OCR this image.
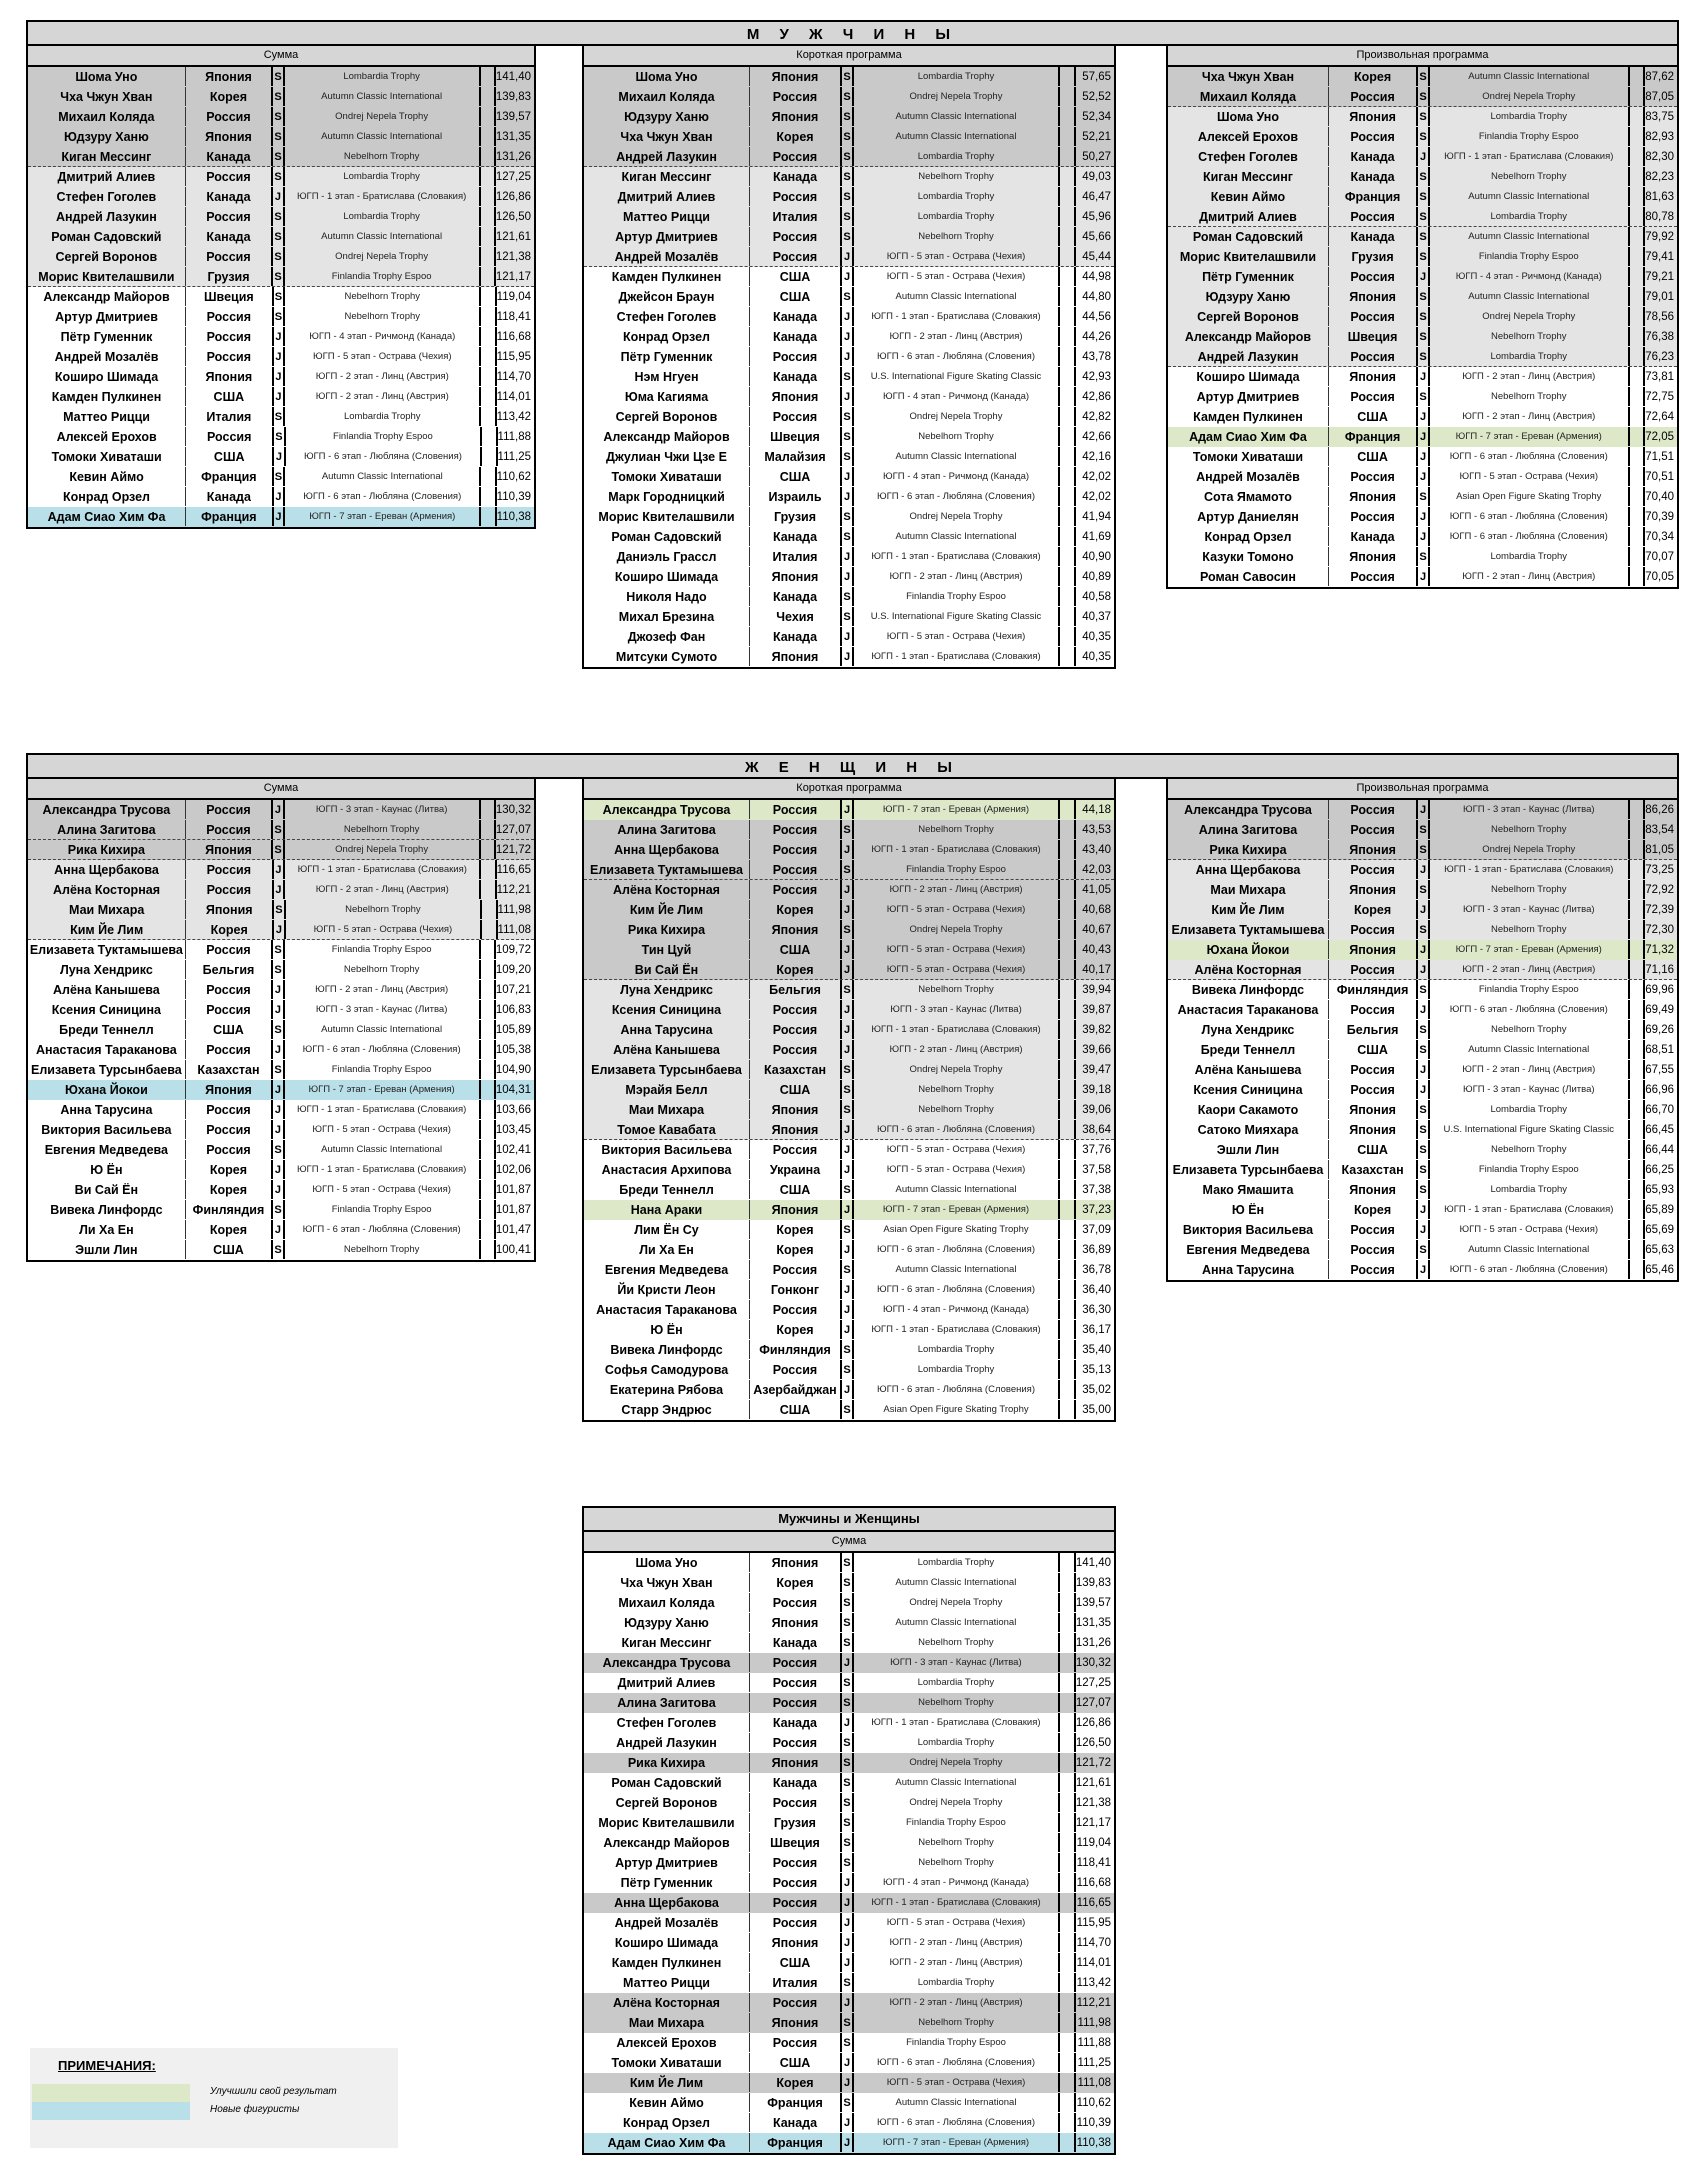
М У Ж Ч И Н Ы
Сумма
Шома Уно	Япония	S	Lombardia Trophy	141,40
Чха Чжун Хван	Корея	S	Autumn Classic International	139,83
Михаил Коляда	Россия	S	Ondrej Nepela Trophy	139,57
Юдзуру Ханю	Япония	S	Autumn Classic International	131,35
Киган Мессинг	Канада	S	Nebelhorn Trophy	131,26
Дмитрий Алиев	Россия	S	Lombardia Trophy	127,25
Стефен Гоголев	Канада	J	ЮГП - 1 этап - Братислава (Словакия)	126,86
Андрей Лазукин	Россия	S	Lombardia Trophy	126,50
Роман Садовский	Канада	S	Autumn Classic International	121,61
Сергей Воронов	Россия	S	Ondrej Nepela Trophy	121,38
Морис Квителашвили	Грузия	S	Finlandia Trophy Espoo	121,17
Александр Майоров	Швеция	S	Nebelhorn Trophy	119,04
Артур Дмитриев	Россия	S	Nebelhorn Trophy	118,41
Пётр Гуменник	Россия	J	ЮГП - 4 этап - Ричмонд (Канада)	116,68
Андрей Мозалёв	Россия	J	ЮГП - 5 этап - Острава (Чехия)	115,95
Коширо Шимада	Япония	J	ЮГП - 2 этап - Линц (Австрия)	114,70
Камден Пулкинен	США	J	ЮГП - 2 этап - Линц (Австрия)	114,01
Маттео Рицци	Италия	S	Lombardia Trophy	113,42
Алексей Ерохов	Россия	S	Finlandia Trophy Espoo	111,88
Томоки Хиваташи	США	J	ЮГП - 6 этап - Любляна (Словения)	111,25
Кевин Аймо	Франция	S	Autumn Classic International	110,62
Конрад Орзел	Канада	J	ЮГП - 6 этап - Любляна (Словения)	110,39
Адам Сиао Хим Фа	Франция	J	ЮГП - 7 этап - Ереван (Армения)	110,38
Короткая программа
Шома Уно	Япония	S	Lombardia Trophy	57,65
Михаил Коляда	Россия	S	Ondrej Nepela Trophy	52,52
Юдзуру Ханю	Япония	S	Autumn Classic International	52,34
Чха Чжун Хван	Корея	S	Autumn Classic International	52,21
Андрей Лазукин	Россия	S	Lombardia Trophy	50,27
Киган Мессинг	Канада	S	Nebelhorn Trophy	49,03
Дмитрий Алиев	Россия	S	Lombardia Trophy	46,47
Маттео Рицци	Италия	S	Lombardia Trophy	45,96
Артур Дмитриев	Россия	S	Nebelhorn Trophy	45,66
Андрей Мозалёв	Россия	J	ЮГП - 5 этап - Острава (Чехия)	45,44
Камден Пулкинен	США	J	ЮГП - 5 этап - Острава (Чехия)	44,98
Джейсон Браун	США	S	Autumn Classic International	44,80
Стефен Гоголев	Канада	J	ЮГП - 1 этап - Братислава (Словакия)	44,56
Конрад Орзел	Канада	J	ЮГП - 2 этап - Линц (Австрия)	44,26
Пётр Гуменник	Россия	J	ЮГП - 6 этап - Любляна (Словения)	43,78
Нэм Нгуен	Канада	S	U.S. International Figure Skating Classic	42,93
Юма Кагияма	Япония	J	ЮГП - 4 этап - Ричмонд (Канада)	42,86
Сергей Воронов	Россия	S	Ondrej Nepela Trophy	42,82
Александр Майоров	Швеция	S	Nebelhorn Trophy	42,66
Джулиан Чжи Цзе Е	Малайзия	S	Autumn Classic International	42,16
Томоки Хиваташи	США	J	ЮГП - 4 этап - Ричмонд (Канада)	42,02
Марк Городницкий	Израиль	J	ЮГП - 6 этап - Любляна (Словения)	42,02
Морис Квителашвили	Грузия	S	Ondrej Nepela Trophy	41,94
Роман Садовский	Канада	S	Autumn Classic International	41,69
Даниэль Грассл	Италия	J	ЮГП - 1 этап - Братислава (Словакия)	40,90
Коширо Шимада	Япония	J	ЮГП - 2 этап - Линц (Австрия)	40,89
Николя Надо	Канада	S	Finlandia Trophy Espoo	40,58
Михал Брезина	Чехия	S	U.S. International Figure Skating Classic	40,37
Джозеф Фан	Канада	J	ЮГП - 5 этап - Острава (Чехия)	40,35
Митсуки Сумото	Япония	J	ЮГП - 1 этап - Братислава (Словакия)	40,35
Произвольная программа
Чха Чжун Хван	Корея	S	Autumn Classic International	87,62
Михаил Коляда	Россия	S	Ondrej Nepela Trophy	87,05
Шома Уно	Япония	S	Lombardia Trophy	83,75
Алексей Ерохов	Россия	S	Finlandia Trophy Espoo	82,93
Стефен Гоголев	Канада	J	ЮГП - 1 этап - Братислава (Словакия)	82,30
Киган Мессинг	Канада	S	Nebelhorn Trophy	82,23
Кевин Аймо	Франция	S	Autumn Classic International	81,63
Дмитрий Алиев	Россия	S	Lombardia Trophy	80,78
Роман Садовский	Канада	S	Autumn Classic International	79,92
Морис Квителашвили	Грузия	S	Finlandia Trophy Espoo	79,41
Пётр Гуменник	Россия	J	ЮГП - 4 этап - Ричмонд (Канада)	79,21
Юдзуру Ханю	Япония	S	Autumn Classic International	79,01
Сергей Воронов	Россия	S	Ondrej Nepela Trophy	78,56
Александр Майоров	Швеция	S	Nebelhorn Trophy	76,38
Андрей Лазукин	Россия	S	Lombardia Trophy	76,23
Коширо Шимада	Япония	J	ЮГП - 2 этап - Линц (Австрия)	73,81
Артур Дмитриев	Россия	S	Nebelhorn Trophy	72,75
Камден Пулкинен	США	J	ЮГП - 2 этап - Линц (Австрия)	72,64
Адам Сиао Хим Фа	Франция	J	ЮГП - 7 этап - Ереван (Армения)	72,05
Томоки Хиваташи	США	J	ЮГП - 6 этап - Любляна (Словения)	71,51
Андрей Мозалёв	Россия	J	ЮГП - 5 этап - Острава (Чехия)	70,51
Сота Ямамото	Япония	S	Asian Open Figure Skating Trophy	70,40
Артур Даниелян	Россия	J	ЮГП - 6 этап - Любляна (Словения)	70,39
Конрад Орзел	Канада	J	ЮГП - 6 этап - Любляна (Словения)	70,34
Казуки Томоно	Япония	S	Lombardia Trophy	70,07
Роман Савосин	Россия	J	ЮГП - 2 этап - Линц (Австрия)	70,05
Ж Е Н Щ И Н Ы
Сумма
Александра Трусова	Россия	J	ЮГП - 3 этап - Каунас (Литва)	130,32
Алина Загитова	Россия	S	Nebelhorn Trophy	127,07
Рика Кихира	Япония	S	Ondrej Nepela Trophy	121,72
Анна Щербакова	Россия	J	ЮГП - 1 этап - Братислава (Словакия)	116,65
Алёна Косторная	Россия	J	ЮГП - 2 этап - Линц (Австрия)	112,21
Маи Михара	Япония	S	Nebelhorn Trophy	111,98
Ким Йе Лим	Корея	J	ЮГП - 5 этап - Острава (Чехия)	111,08
Елизавета Туктамышева	Россия	S	Finlandia Trophy Espoo	109,72
Луна Хендрикс	Бельгия	S	Nebelhorn Trophy	109,20
Алёна Канышева	Россия	J	ЮГП - 2 этап - Линц (Австрия)	107,21
Ксения Синицина	Россия	J	ЮГП - 3 этап - Каунас (Литва)	106,83
Бреди Теннелл	США	S	Autumn Classic International	105,89
Анастасия Тараканова	Россия	J	ЮГП - 6 этап - Любляна (Словения)	105,38
Елизавета Турсынбаева	Казахстан	S	Finlandia Trophy Espoo	104,90
Юхана Йокои	Япония	J	ЮГП - 7 этап - Ереван (Армения)	104,31
Анна Тарусина	Россия	J	ЮГП - 1 этап - Братислава (Словакия)	103,66
Виктория Васильева	Россия	J	ЮГП - 5 этап - Острава (Чехия)	103,45
Евгения Медведева	Россия	S	Autumn Classic International	102,41
Ю Ён	Корея	J	ЮГП - 1 этап - Братислава (Словакия)	102,06
Ви Сай Ён	Корея	J	ЮГП - 5 этап - Острава (Чехия)	101,87
Вивека Линфордс	Финляндия S	Finlandia Trophy Espoo	101,87
Ли Ха Ен	Корея	J	ЮГП - 6 этап - Любляна (Словения)	101,47
Эшли Лин	США	S	Nebelhorn Trophy	100,41
Короткая программа
Александра Трусова	Россия	J	ЮГП - 7 этап - Ереван (Армения)	44,18
Алина Загитова	Россия	S	Nebelhorn Trophy	43,53
Анна Щербакова	Россия	J	ЮГП - 1 этап - Братислава (Словакия)	43,40
Елизавета Туктамышева	Россия	S	Finlandia Trophy Espoo	42,03
Алёна Косторная	Россия	J	ЮГП - 2 этап - Линц (Австрия)	41,05
Ким Йе Лим	Корея	J	ЮГП - 5 этап - Острава (Чехия)	40,68
Рика Кихира	Япония	S	Ondrej Nepela Trophy	40,67
Тин Цуй	США	J	ЮГП - 5 этап - Острава (Чехия)	40,43
Ви Сай Ён	Корея	J	ЮГП - 5 этап - Острава (Чехия)	40,17
Луна Хендрикс	Бельгия	S	Nebelhorn Trophy	39,94
Ксения Синицина	Россия	J	ЮГП - 3 этап - Каунас (Литва)	39,87
Анна Тарусина	Россия	J	ЮГП - 1 этап - Братислава (Словакия)	39,82
Алёна Канышева	Россия	J	ЮГП - 2 этап - Линц (Австрия)	39,66
Елизавета Турсынбаева	Казахстан	S	Ondrej Nepela Trophy	39,47
Мэрайя Белл	США	S	Nebelhorn Trophy	39,18
Маи Михара	Япония	S	Nebelhorn Trophy	39,06
Томое Кавабата	Япония	J	ЮГП - 6 этап - Любляна (Словения)	38,64
Виктория Васильева	Россия	J	ЮГП - 5 этап - Острава (Чехия)	37,76
Анастасия Архипова	Украина	J	ЮГП - 5 этап - Острава (Чехия)	37,58
Бреди Теннелл	США	S	Autumn Classic International	37,38
Нана Араки	Япония	J	ЮГП - 7 этап - Ереван (Армения)	37,23
Лим Ён Су	Корея	S	Asian Open Figure Skating Trophy	37,09
Ли Ха Ен	Корея	J	ЮГП - 6 этап - Любляна (Словения)	36,89
Евгения Медведева	Россия	S	Autumn Classic International	36,78
Йи Кристи Леон	Гонконг	J	ЮГП - 6 этап - Любляна (Словения)	36,40
Анастасия Тараканова	Россия	J	ЮГП - 4 этап - Ричмонд (Канада)	36,30
Ю Ён	Корея	J	ЮГП - 1 этап - Братислава (Словакия)	36,17
Вивека Линфордс	Финляндия	S	Lombardia Trophy	35,40
Софья Самодурова	Россия	S	Lombardia Trophy	35,13
Екатерина Рябова	Азербайджан J	ЮГП - 6 этап - Любляна (Словения)	35,02
Старр Эндрюс	США	S	Asian Open Figure Skating Trophy	35,00
Произвольная программа
Александра Трусова	Россия	J	ЮГП - 3 этап - Каунас (Литва)	86,26
Алина Загитова	Россия	S	Nebelhorn Trophy	83,54
Рика Кихира	Япония	S	Ondrej Nepela Trophy	81,05
Анна Щербакова	Россия	J	ЮГП - 1 этап - Братислава (Словакия)	73,25
Маи Михара	Япония	S	Nebelhorn Trophy	72,92
Ким Йе Лим	Корея	J	ЮГП - 3 этап - Каунас (Литва)	72,39
Елизавета Туктамышева	Россия	S	Nebelhorn Trophy	72,30
Юхана Йокои	Япония	J	ЮГП - 7 этап - Ереван (Армения)	71,32
Алёна Косторная	Россия	J	ЮГП - 2 этап - Линц (Австрия)	71,16
Вивека Линфордс	Финляндия	S	Finlandia Trophy Espoo	69,96
Анастасия Тараканова	Россия	J	ЮГП - 6 этап - Любляна (Словения)	69,49
Луна Хендрикс	Бельгия	S	Nebelhorn Trophy	69,26
Бреди Теннелл	США	S	Autumn Classic International	68,51
Алёна Канышева	Россия	J	ЮГП - 2 этап - Линц (Австрия)	67,55
Ксения Синицина	Россия	J	ЮГП - 3 этап - Каунас (Литва)	66,96
Каори Сакамото	Япония	S	Lombardia Trophy	66,70
Сатоко Мияхара	Япония	S	U.S. International Figure Skating Classic	66,45
Эшли Лин	США	S	Nebelhorn Trophy	66,44
Елизавета Турсынбаева	Казахстан	S	Finlandia Trophy Espoo	66,25
Мако Ямашита	Япония	S	Lombardia Trophy	65,93
Ю Ён	Корея	J	ЮГП - 1 этап - Братислава (Словакия)	65,89
Виктория Васильева	Россия	J	ЮГП - 5 этап - Острава (Чехия)	65,69
Евгения Медведева	Россия	S	Autumn Classic International	65,63
Анна Тарусина	Россия	J	ЮГП - 6 этап - Любляна (Словения)	65,46
Мужчины и Женщины
Сумма
Шома Уно	Япония	S	Lombardia Trophy	141,40
Чха Чжун Хван	Корея	S	Autumn Classic International	139,83
Михаил Коляда	Россия	S	Ondrej Nepela Trophy	139,57
Юдзуру Ханю	Япония	S	Autumn Classic International	131,35
Киган Мессинг	Канада	S	Nebelhorn Trophy	131,26
Александра Трусова	Россия	J	ЮГП - 3 этап - Каунас (Литва)	130,32
Дмитрий Алиев	Россия	S	Lombardia Trophy	127,25
Алина Загитова	Россия	S	Nebelhorn Trophy	127,07
Стефен Гоголев	Канада	J	ЮГП - 1 этап - Братислава (Словакия)	126,86
Андрей Лазукин	Россия	S	Lombardia Trophy	126,50
Рика Кихира	Япония	S	Ondrej Nepela Trophy	121,72
Роман Садовский	Канада	S	Autumn Classic International	121,61
Сергей Воронов	Россия	S	Ondrej Nepela Trophy	121,38
Морис Квителашвили	Грузия	S	Finlandia Trophy Espoo	121,17
Александр Майоров	Швеция	S	Nebelhorn Trophy	119,04
Артур Дмитриев	Россия	S	Nebelhorn Trophy	118,41
Пётр Гуменник	Россия	J	ЮГП - 4 этап - Ричмонд (Канада)	116,68
Анна Щербакова	Россия	J	ЮГП - 1 этап - Братислава (Словакия)	116,65
Андрей Мозалёв	Россия	J	ЮГП - 5 этап - Острава (Чехия)	115,95
Коширо Шимада	Япония	J	ЮГП - 2 этап - Линц (Австрия)	114,70
Камден Пулкинен	США	J	ЮГП - 2 этап - Линц (Австрия)	114,01
Маттео Рицци	Италия	S	Lombardia Trophy	113,42
Алёна Косторная	Россия	J	ЮГП - 2 этап - Линц (Австрия)	112,21
Маи Михара	Япония	S	Nebelhorn Trophy	111,98
Алексей Ерохов	Россия	S	Finlandia Trophy Espoo	111,88
Томоки Хиваташи	США	J	ЮГП - 6 этап - Любляна (Словения)	111,25
Ким Йе Лим	Корея	J	ЮГП - 5 этап - Острава (Чехия)	111,08
Кевин Аймо	Франция	S	Autumn Classic International	110,62
Конрад Орзел	Канада	J	ЮГП - 6 этап - Любляна (Словения)	110,39
Адам Сиао Хим Фа	Франция	J	ЮГП - 7 этап - Ереван (Армения)	110,38
ПРИМЕЧАНИЯ:
Улучшили свой результат
Новые фигуристы
